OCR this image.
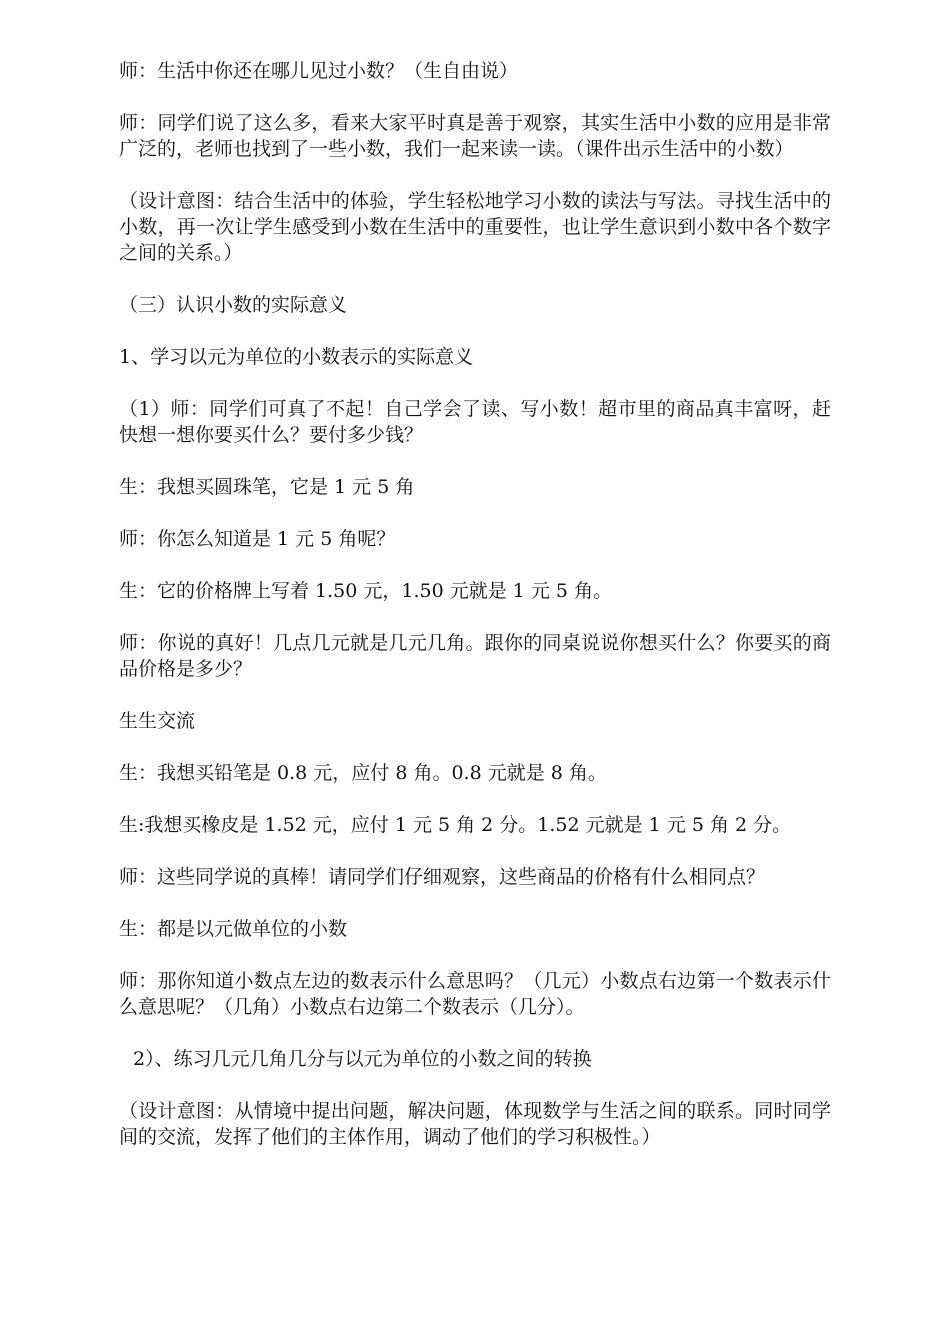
师：生活中你还在哪儿见过小数？（生自由说）

师：同学们说了这么多，看来大家平时真是善于观察，其实生活中小数的应用是非常广泛的，老师也找到了一些小数，我们一起来读一读。（课件出示生活中的小数）

（设计意图：结合生活中的体验，学生轻松地学习小数的读法与写法。寻找生活中的小数，再一次让学生感受到小数在生活中的重要性，也让学生意识到小数中各个数字之间的关系。）

（三）认识小数的实际意义

1、学习以元为单位的小数表示的实际意义

（1）师：同学们可真了不起！自己学会了读、写小数！超市里的商品真丰富呀，赶快想一想你要买什么？要付多少钱？

生：我想买圆珠笔，它是 1 元 5 角

师：你怎么知道是 1 元 5 角呢？

生：它的价格牌上写着 1.50 元，1.50 元就是 1 元 5 角。

师：你说的真好！几点几元就是几元几角。跟你的同桌说说你想买什么？你要买的商品价格是多少？

生生交流

生：我想买铅笔是 0.8 元，应付 8 角。0.8 元就是 8 角。

生:我想买橡皮是 1.52 元，应付 1 元 5 角 2 分。1.52 元就是 1 元 5 角 2 分。

师：这些同学说的真棒！请同学们仔细观察，这些商品的价格有什么相同点？

生：都是以元做单位的小数

师：那你知道小数点左边的数表示什么意思吗？（几元）小数点右边第一个数表示什么意思呢？（几角）小数点右边第二个数表示（几分）。

2）、练习几元几角几分与以元为单位的小数之间的转换

（设计意图：从情境中提出问题，解决问题，体现数学与生活之间的联系。同时同学间的交流，发挥了他们的主体作用，调动了他们的学习积极性。）
